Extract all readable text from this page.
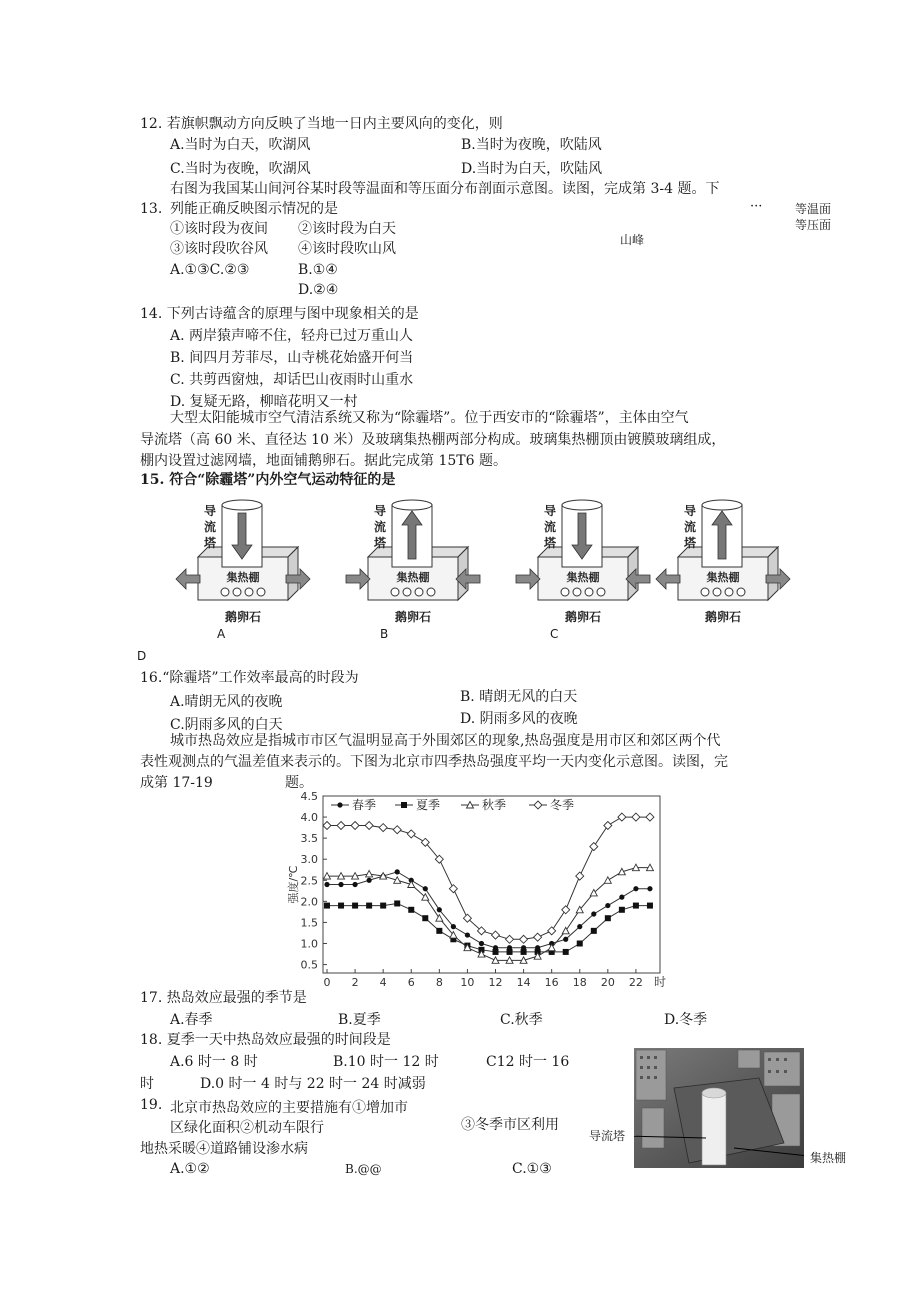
12. 若旗帜飘动方向反映了当地一日内主要风向的变化，则
A.当时为白天，吹湖风	B.当时为夜晚，吹陆风
C.当时为夜晚，吹湖风	D.当时为白天，吹陆风
右图为我国某山间河谷某时段等温面和等压面分布剖面示意图。读图，完成第 3-4 题。下
13. 列能正确反映图示情况的是	···	等温面
等压面
山峰
①该时段为夜间 ②该时段为白天
③该时段吹谷风 ④该时段吹山风
A.①③C.②③	B.①④
D.②④
14. 下列古诗蕴含的原理与图中现象相关的是
A. 两岸猿声啼不住，轻舟已过万重山人
B. 间四月芳菲尽，山寺桃花始盛开何当
C. 共剪西窗烛，却话巴山夜雨时山重水
D. 复疑无路，柳暗花明又一村
大型太阳能城市空气清洁系统又称为“除霾塔”。位于西安市的“除霾塔”，主体由空气
导流塔（高 60 米、直径达 10 米）及玻璃集热棚两部分构成。玻璃集热棚顶由镀膜玻璃组成，
棚内设置过滤网墙，地面铺鹅卵石。据此完成第 15T6 题。
15. 符合“除霾塔”内外空气运动特征的是
导
流
塔
集热棚
鹅卵石
导
流
塔
集热棚
鹅卵石
导
流
塔
集热棚
鹅卵石
导
流
塔
集热棚
鹅卵石
A	B	C
D
16.“除霾塔”工作效率最高的时段为
B. 晴朗无风的白天
A.晴朗无风的夜晚
D. 阴雨多风的夜晚
C.阴雨多风的白天
城市热岛效应是指城市市区气温明显高于外围郊区的现象,热岛强度是用市区和郊区两个代
表性观测点的气温差值来表示的。下图为北京市四季热岛强度平均一天内变化示意图。读图，完
成第 17-19	题。
0.5
1.0
1.5
2.0
2.5
3.0
3.5
4.0
4.5
0 2 4 6 8 10 12 14 16 18 20 22 时
强度/℃
春季	夏季	秋季	冬季
17. 热岛效应最强的季节是
A.春季	B.夏季	C.秋季	D.冬季
18. 夏季一天中热岛效应最强的时间段是
A.6 时一 8 时	B.10 时一 12 时	C12 时一 16
时	D.0 时一 4 时与 22 时一 24 时减弱
19. 北京市热岛效应的主要措施有①增加市
③冬季市区利用
区绿化面积②机动车限行
地热采暖④道路铺设渗水病
A.①②	B.@@	C.①③
导流塔
集热棚
